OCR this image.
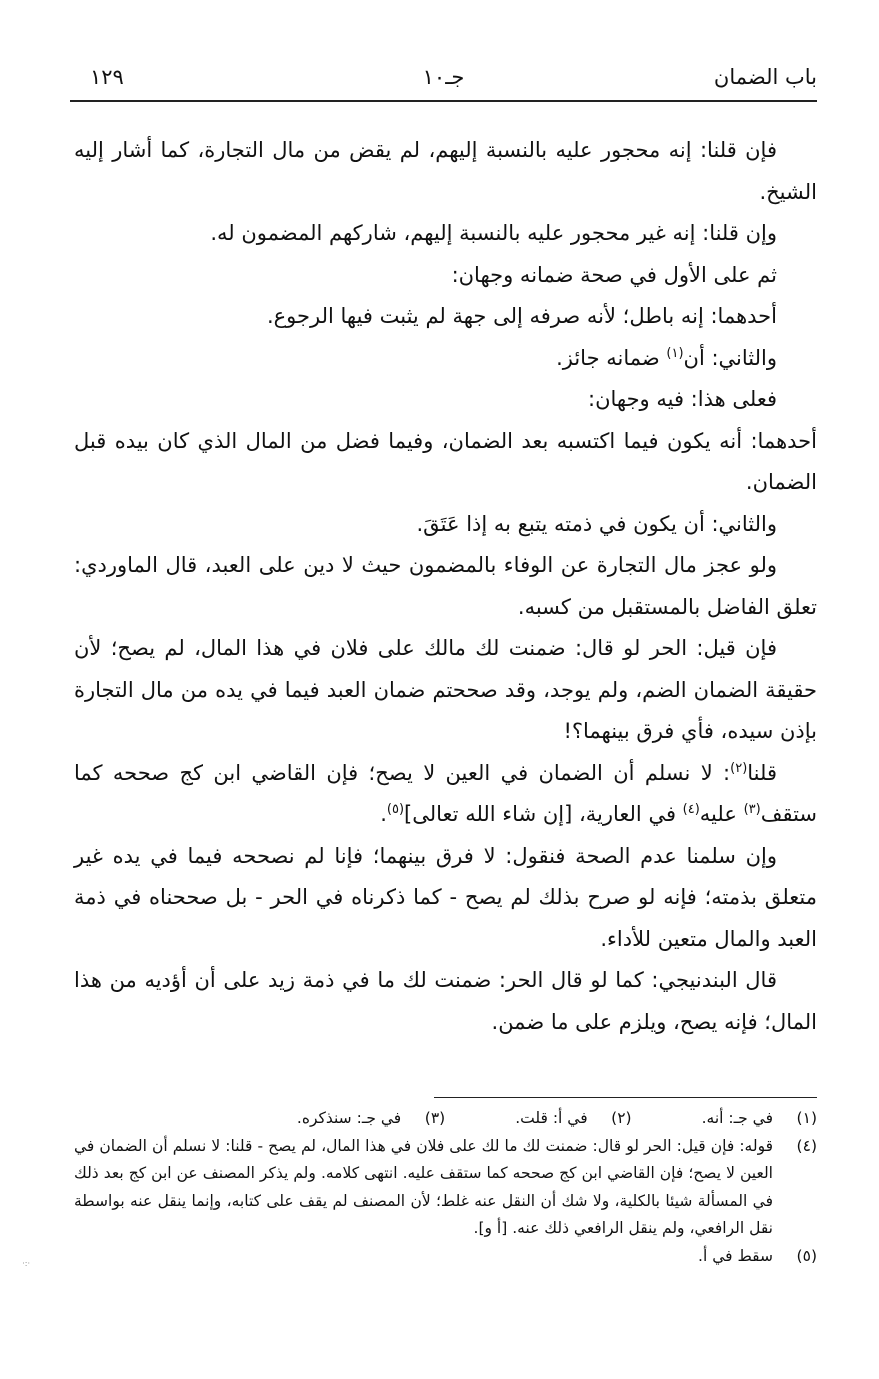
باب الضمان
جـ١٠
١٢٩

فإن قلنا: إنه محجور عليه بالنسبة إليهم، لم يقض من مال التجارة، كما أشار إليه الشيخ.

وإن قلنا: إنه غير محجور عليه بالنسبة إليهم، شاركهم المضمون له.

ثم على الأول في صحة ضمانه وجهان:

أحدهما: إنه باطل؛ لأنه صرفه إلى جهة لم يثبت فيها الرجوع.

والثاني: أن$^{(١)}$ ضمانه جائز.

فعلى هذا: فيه وجهان:

أحدهما: أنه يكون فيما اكتسبه بعد الضمان، وفيما فضل من المال الذي كان بيده قبل الضمان.

والثاني: أن يكون في ذمته يتبع به إذا عَتَقَ.

ولو عجز مال التجارة عن الوفاء بالمضمون حيث لا دين على العبد، قال الماوردي: تعلق الفاضل بالمستقبل من كسبه.

فإن قيل: الحر لو قال: ضمنت لك مالك على فلان في هذا المال، لم يصح؛ لأن حقيقة الضمان الضم، ولم يوجد، وقد صححتم ضمان العبد فيما في يده من مال التجارة بإذن سيده، فأي فرق بينهما؟!

قلنا$^{(٢)}$: لا نسلم أن الضمان في العين لا يصح؛ فإن القاضي ابن كج صححه كما ستقف$^{(٣)}$ عليه$^{(٤)}$ في العارية، [إن شاء الله تعالى]$^{(٥)}$.

وإن سلمنا عدم الصحة فنقول: لا فرق بينهما؛ فإنا لم نصححه فيما في يده غير متعلق بذمته؛ فإنه لو صرح بذلك لم يصح - كما ذكرناه في الحر - بل صححناه في ذمة العبد والمال متعين للأداء.

قال البندنيجي: كما لو قال الحر: ضمنت لك ما في ذمة زيد على أن أؤديه من هذا المال؛ فإنه يصح، ويلزم على ما ضمن.

(١)
في جـ: أنه.
(٢)
في أ: قلت.
(٣)
في جـ: سنذكره.
(٤)
قوله: فإن قيل: الحر لو قال: ضمنت لك ما لك على فلان في هذا المال، لم يصح - قلنا: لا نسلم أن الضمان في العين لا يصح؛ فإن القاضي ابن كج صححه كما ستقف عليه. انتهى كلامه. ولم يذكر المصنف عن ابن كج بعد ذلك في المسألة شيئا بالكلية، ولا شك أن النقل عنه غلط؛ لأن المصنف لم يقف على كتابه، وإنما ينقل عنه بواسطة نقل الرافعي، ولم ينقل الرافعي ذلك عنه. [أ و].
(٥)
سقط في أ.
·:·
